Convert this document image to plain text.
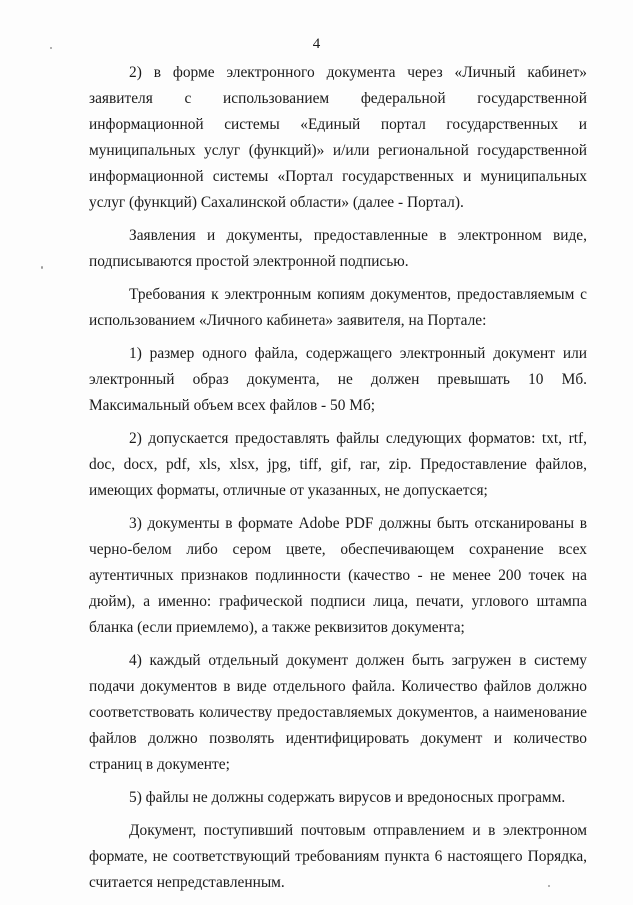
4

2) в форме электронного документа через «Личный кабинет» заявителя с использованием федеральной государственной информационной системы «Единый портал государственных и муниципальных услуг (функций)» и/или региональной государственной информационной системы «Портал государственных и муниципальных услуг (функций) Сахалинской области» (далее - Портал).

Заявления и документы, предоставленные в электронном виде, подписываются простой электронной подписью.

Требования к электронным копиям документов, предоставляемым с использованием «Личного кабинета» заявителя, на Портале:

1) размер одного файла, содержащего электронный документ или электронный образ документа, не должен превышать 10 Мб. Максимальный объем всех файлов - 50 Мб;

2) допускается предоставлять файлы следующих форматов: txt, rtf, doc, docx, pdf, xls, xlsx, jpg, tiff, gif, rar, zip. Предоставление файлов, имеющих форматы, отличные от указанных, не допускается;

3) документы в формате Adobe PDF должны быть отсканированы в черно-белом либо сером цвете, обеспечивающем сохранение всех аутентичных признаков подлинности (качество - не менее 200 точек на дюйм), а именно: графической подписи лица, печати, углового штампа бланка (если приемлемо), а также реквизитов документа;

4) каждый отдельный документ должен быть загружен в систему подачи документов в виде отдельного файла. Количество файлов должно соответствовать количеству предоставляемых документов, а наименование файлов должно позволять идентифицировать документ и количество страниц в документе;

5) файлы не должны содержать вирусов и вредоносных программ.

Документ, поступивший почтовым отправлением и в электронном формате, не соответствующий требованиям пункта 6 настоящего Порядка, считается непредставленным.
